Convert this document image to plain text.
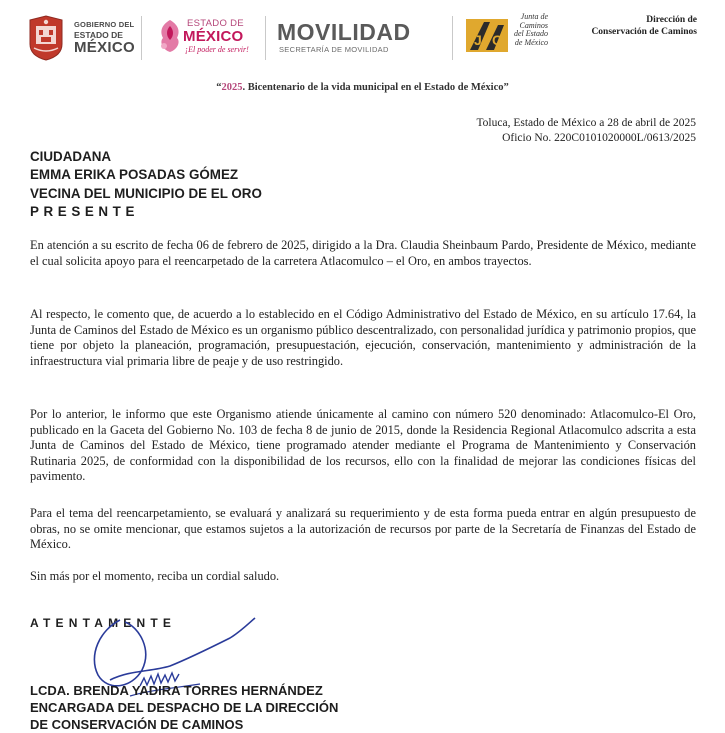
GOBIERNO DEL
ESTADO DE
MÉXICO
ESTADO DE
MÉXICO
¡El poder de servir!
MOVILIDAD
SECRETARÍA DE MOVILIDAD
J C
Junta de
Caminos
del Estado
de México
Dirección de
Conservación de Caminos
“2025. Bicentenario de la vida municipal en el Estado de México”
Toluca, Estado de México a 28 de abril de 2025
Oficio No. 220C0101020000L/0613/2025
CIUDADANA
EMMA ERIKA POSADAS GÓMEZ
VECINA DEL MUNICIPIO DE EL ORO
PRESENTE
En atención a su escrito de fecha 06 de febrero de 2025, dirigido a la Dra. Claudia Sheinbaum Pardo, Presidente de México, mediante el cual solicita apoyo para el reencarpetado de la carretera Atlacomulco – el Oro, en ambos trayectos.
Al respecto, le comento que, de acuerdo a lo establecido en el Código Administrativo del Estado de México, en su artículo 17.64, la Junta de Caminos del Estado de México es un organismo público descentralizado, con personalidad jurídica y patrimonio propios, que tiene por objeto la planeación, programación, presupuestación, ejecución, conservación, mantenimiento y administración de la infraestructura vial primaria libre de peaje y de uso restringido.
Por lo anterior, le informo que este Organismo atiende únicamente al camino con número 520 denominado: Atlacomulco-El Oro, publicado en la Gaceta del Gobierno No. 103 de fecha 8 de junio de 2015, donde la Residencia Regional Atlacomulco adscrita a esta Junta de Caminos del Estado de México, tiene programado atender mediante el Programa de Mantenimiento y Conservación Rutinaria 2025, de conformidad con la disponibilidad de los recursos, ello con la finalidad de mejorar las condiciones físicas del pavimento.
Para el tema del reencarpetamiento, se evaluará y analizará su requerimiento y de esta forma pueda entrar en algún presupuesto de obras, no se omite mencionar, que estamos sujetos a la autorización de recursos por parte de la Secretaría de Finanzas del Estado de México.
Sin más por el momento, reciba un cordial saludo.
ATENTAMENTE
LCDA. BRENDA YADIRA TORRES HERNÁNDEZ
ENCARGADA DEL DESPACHO DE LA DIRECCIÓN
DE CONSERVACIÓN DE CAMINOS
